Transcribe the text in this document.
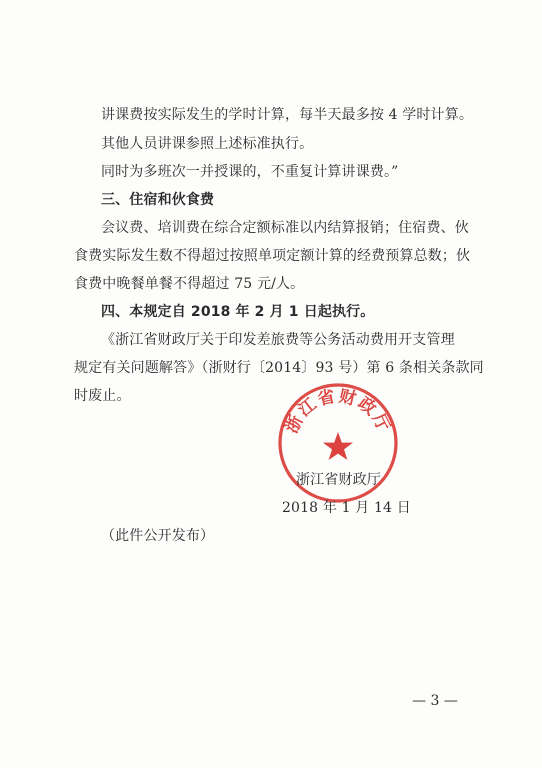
讲课费按实际发生的学时计算，每半天最多按 4 学时计算。
其他人员讲课参照上述标准执行。
同时为多班次一并授课的，不重复计算讲课费。”
三、住宿和伙食费
会议费、培训费在综合定额标准以内结算报销；住宿费、伙
食费实际发生数不得超过按照单项定额计算的经费预算总数；伙
食费中晚餐单餐不得超过 75 元/人。
四、本规定自 2018 年 2 月 1 日起执行。
《浙江省财政厅关于印发差旅费等公务活动费用开支管理
规定有关问题解答》（浙财行〔2014〕93 号）第 6 条相关条款同
时废止。
浙江省财政厅
浙江省财政厅
2018 年 1 月 14 日
（此件公开发布）
— 3 —
